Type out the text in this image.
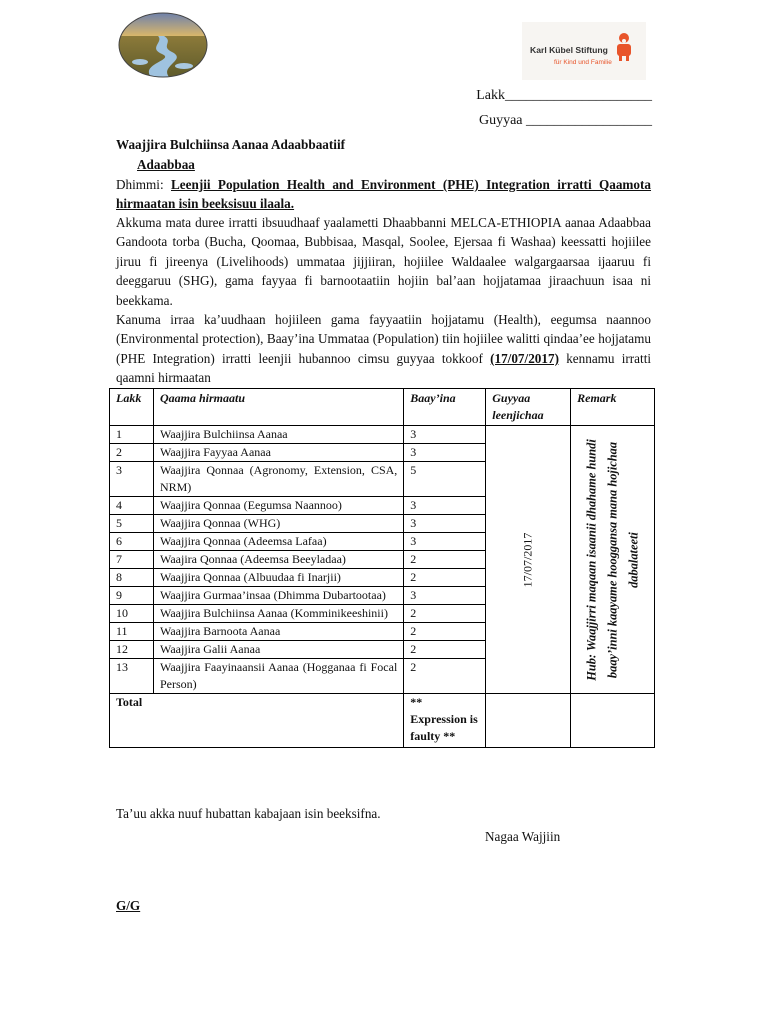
Karl Kübel Stiftung
für Kind und Familie
Lakk_____________________
Guyyaa __________________
Waajjira Bulchiinsa Aanaa Adaabbaatiif
Adaabbaa
Dhimmi: Leenjii Population Health and Environment (PHE) Integration irratti Qaamota hirmaatan isin beeksisuu ilaala.
Akkuma mata duree irratti ibsuudhaaf yaalametti Dhaabbanni MELCA-ETHIOPIA aanaa Adaabbaa Gandoota torba (Bucha, Qoomaa, Bubbisaa, Masqal, Soolee, Ejersaa fi Washaa) keessatti hojiilee jiruu fi jireenya (Livelihoods) ummataa jijjiiran, hojiilee Waldaalee walgargaarsaa ijaaruu fi deeggaruu (SHG), gama fayyaa fi barnootaatiin hojiin bal’aan hojjatamaa jiraachuun isaa ni beekkama.
Kanuma irraa ka’uudhaan hojiileen gama fayyaatiin hojjatamu (Health), eegumsa naannoo (Environmental protection), Baay’ina Ummataa (Population) tiin hojiilee walitti qindaa’ee hojjatamu (PHE Integration) irratti leenjii hubannoo cimsu guyyaa tokkoof (17/07/2017) kennamu irratti qaamni hirmaatan
Lakk	Qaama hirmaatu	Baay’ina	Guyyaa leenjichaa	Remark
1	Waajjira Bulchiinsa Aanaa	3	17/07/2017	Hub: Waajjirri maqaan isaanii dhahame hundi baay’inni kaayame hooggansa mana hojichaa dabalateeti

2	Waajjira Fayyaa Aanaa	3		
3	Waajjira Qonnaa (Agronomy, Extension, CSA, NRM)	5		
4	Waajjira Qonnaa (Eegumsa Naannoo)	3		
5	Waajjira Qonnaa (WHG)	3		
6	Waajjira Qonnaa (Adeemsa Lafaa)	3		
7	Waajira Qonnaa (Adeemsa Beeyladaa)	2		
8	Waajjira Qonnaa (Albuudaa fi Inarjii)	2		
9	Waajjira Gurmaa’insaa (Dhimma Dubartootaa)	3		
10	Waajjira Bulchiinsa Aanaa (Komminikeeshinii)	2		
11	Waajjira Barnoota Aanaa	2		
12	Waajjira Galii Aanaa	2		
13	Waajjira Faayinaansii Aanaa (Hogganaa fi Focal Person)	2		
Total		** Expression is faulty **		
Ta’uu akka nuuf hubattan kabajaan isin beeksifna.
Nagaa Wajjiin
G/G
